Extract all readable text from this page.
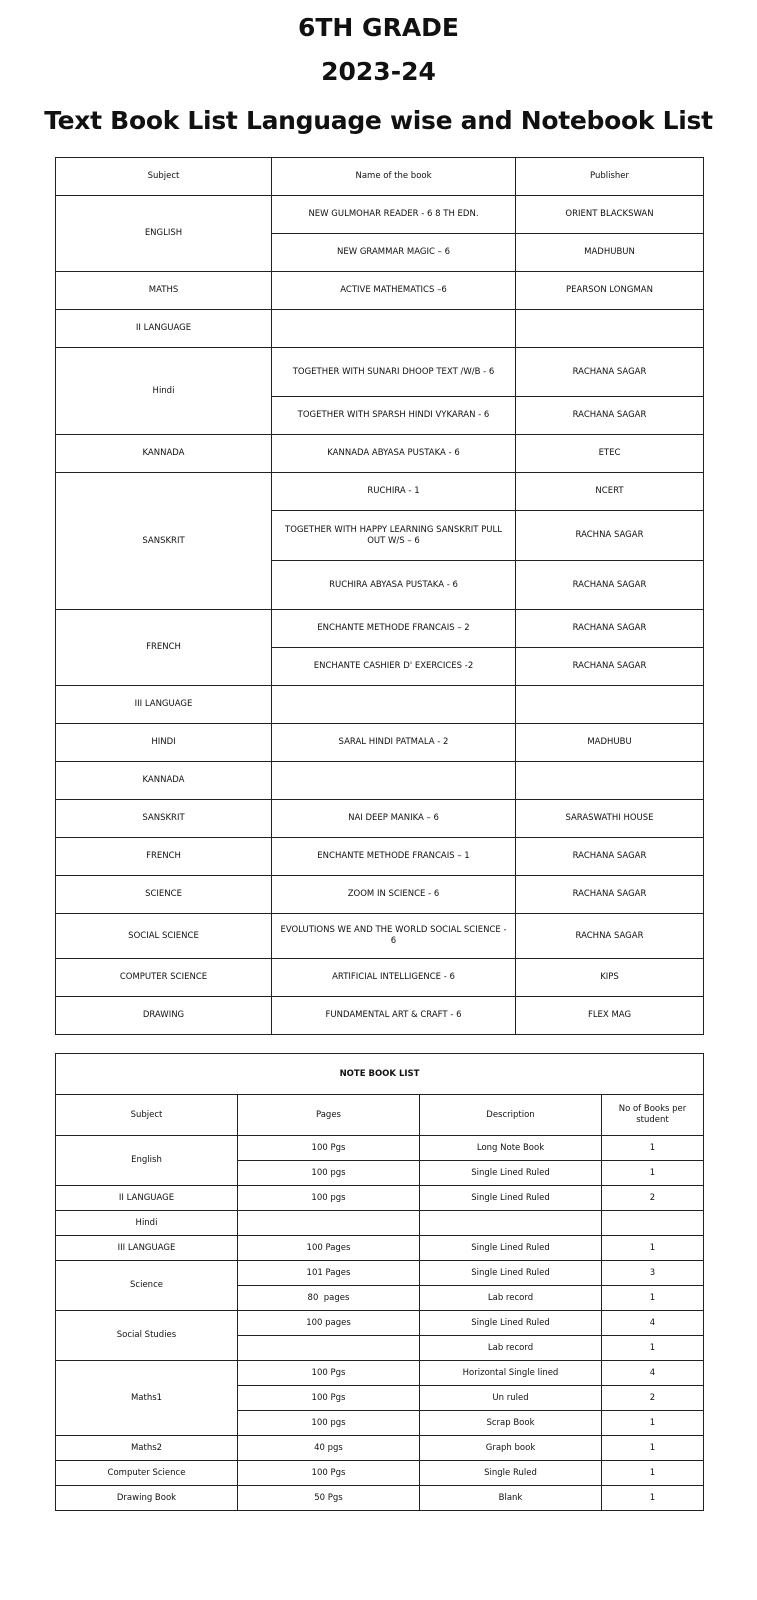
6TH GRADE
2023-24
Text Book List Language wise and Notebook List
Subject	Name of the book	Publisher
ENGLISH	NEW GULMOHAR READER - 6 8 TH EDN.	ORIENT BLACKSWAN
	NEW GRAMMAR MAGIC – 6	MADHUBUN
MATHS	ACTIVE MATHEMATICS –6	PEARSON LONGMAN
II LANGUAGE		
Hindi	TOGETHER WITH SUNARI DHOOP TEXT /W/B - 6	RACHANA SAGAR
	TOGETHER WITH SPARSH HINDI VYKARAN - 6	RACHANA SAGAR
KANNADA	KANNADA ABYASA PUSTAKA - 6	ETEC
SANSKRIT	RUCHIRA - 1	NCERT
	TOGETHER WITH HAPPY LEARNING SANSKRIT PULL OUT W/S – 6	RACHNA SAGAR
	RUCHIRA ABYASA PUSTAKA - 6	RACHANA SAGAR
FRENCH	ENCHANTE METHODE FRANCAIS – 2	RACHANA SAGAR
	ENCHANTE CASHIER D' EXERCICES -2	RACHANA SAGAR
III LANGUAGE		
HINDI	SARAL HINDI PATMALA - 2	MADHUBU
KANNADA		
SANSKRIT	NAI DEEP MANIKA – 6	SARASWATHI HOUSE
FRENCH	ENCHANTE METHODE FRANCAIS – 1	RACHANA SAGAR
SCIENCE	ZOOM IN SCIENCE - 6	RACHANA SAGAR
SOCIAL SCIENCE	EVOLUTIONS WE AND THE WORLD SOCIAL SCIENCE - 6	RACHNA SAGAR
COMPUTER SCIENCE	ARTIFICIAL INTELLIGENCE - 6	KIPS
DRAWING	FUNDAMENTAL ART & CRAFT - 6	FLEX MAG
NOTE BOOK LIST			
Subject	Pages	Description	No of Books per student
English	100 Pgs	Long Note Book	1
	100 pgs	Single Lined Ruled	1
II LANGUAGE	100 pgs	Single Lined Ruled	2
Hindi			
III LANGUAGE	100 Pages	Single Lined Ruled	1
Science	101 Pages	Single Lined Ruled	3
	80  pages	Lab record	1
Social Studies	100 pages	Single Lined Ruled	4
		Lab record	1
Maths1	100 Pgs	Horizontal Single lined	4
	100 Pgs	Un ruled	2
	100 pgs	Scrap Book	1
Maths2	40 pgs	Graph book	1
Computer Science	100 Pgs	Single Ruled	1
Drawing Book	50 Pgs	Blank	1
